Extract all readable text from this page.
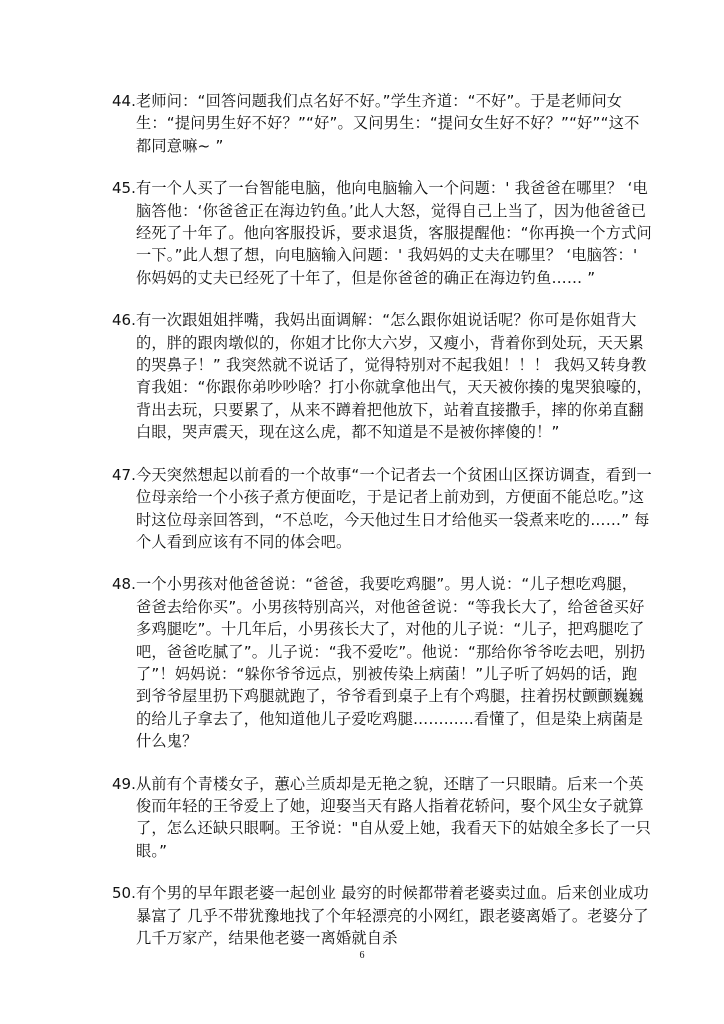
44. 老师问：“回答问题我们点名好不好。”学生齐道：“不好”。于是老师问女生：“提问男生好不好？”“好”。又问男生：“提问女生好不好？”“好”“这不都同意嘛~ ”
45. 有一个人买了一台智能电脑，他向电脑输入一个问题：' 我爸爸在哪里？ ‘电脑答他：‘你爸爸正在海边钓鱼。’此人大怒，觉得自己上当了，因为他爸爸已经死了十年了。他向客服投诉，要求退货，客服提醒他：“你再换一个方式问一下。”此人想了想，向电脑输入问题：' 我妈妈的丈夫在哪里？ ‘电脑答：' 你妈妈的丈夫已经死了十年了，但是你爸爸的确正在海边钓鱼…… ”
46. 有一次跟姐姐拌嘴，我妈出面调解：“怎么跟你姐说话呢？你可是你姐背大的，胖的跟肉墩似的，你姐才比你大六岁，又瘦小，背着你到处玩，天天累的哭鼻子！” 我突然就不说话了，觉得特别对不起我姐！！！ 我妈又转身教育我姐：“你跟你弟吵吵啥？打小你就拿他出气，天天被你揍的鬼哭狼嚎的，背出去玩，只要累了，从来不蹲着把他放下，站着直接撒手，摔的你弟直翻白眼，哭声震天，现在这么虎，都不知道是不是被你摔傻的！”
47. 今天突然想起以前看的一个故事“一个记者去一个贫困山区探访调查，看到一位母亲给一个小孩子煮方便面吃，于是记者上前劝到，方便面不能总吃。”这时这位母亲回答到，“不总吃，今天他过生日才给他买一袋煮来吃的……” 每个人看到应该有不同的体会吧。
48. 一个小男孩对他爸爸说：“爸爸，我要吃鸡腿”。男人说：“儿子想吃鸡腿，爸爸去给你买”。小男孩特别高兴，对他爸爸说：“等我长大了，给爸爸买好多鸡腿吃”。十几年后，小男孩长大了，对他的儿子说：“儿子，把鸡腿吃了吧，爸爸吃腻了”。儿子说：“我不爱吃”。他说：“那给你爷爷吃去吧，别扔了”！妈妈说：“躲你爷爷远点，别被传染上病菌！”儿子听了妈妈的话，跑到爷爷屋里扔下鸡腿就跑了，爷爷看到桌子上有个鸡腿，拄着拐杖颤颤巍巍的给儿子拿去了，他知道他儿子爱吃鸡腿……......看懂了，但是染上病菌是什么鬼？
49. 从前有个青楼女子，蕙心兰质却是无艳之貌，还瞎了一只眼睛。后来一个英俊而年轻的王爷爱上了她，迎娶当天有路人指着花轿问，娶个风尘女子就算了，怎么还缺只眼啊。王爷说："自从爱上她，我看天下的姑娘全多长了一只眼。”
50. 有个男的早年跟老婆一起创业 最穷的时候都带着老婆卖过血。后来创业成功暴富了 几乎不带犹豫地找了个年轻漂亮的小网红，跟老婆离婚了。老婆分了几千万家产，结果他老婆一离婚就自杀
6
